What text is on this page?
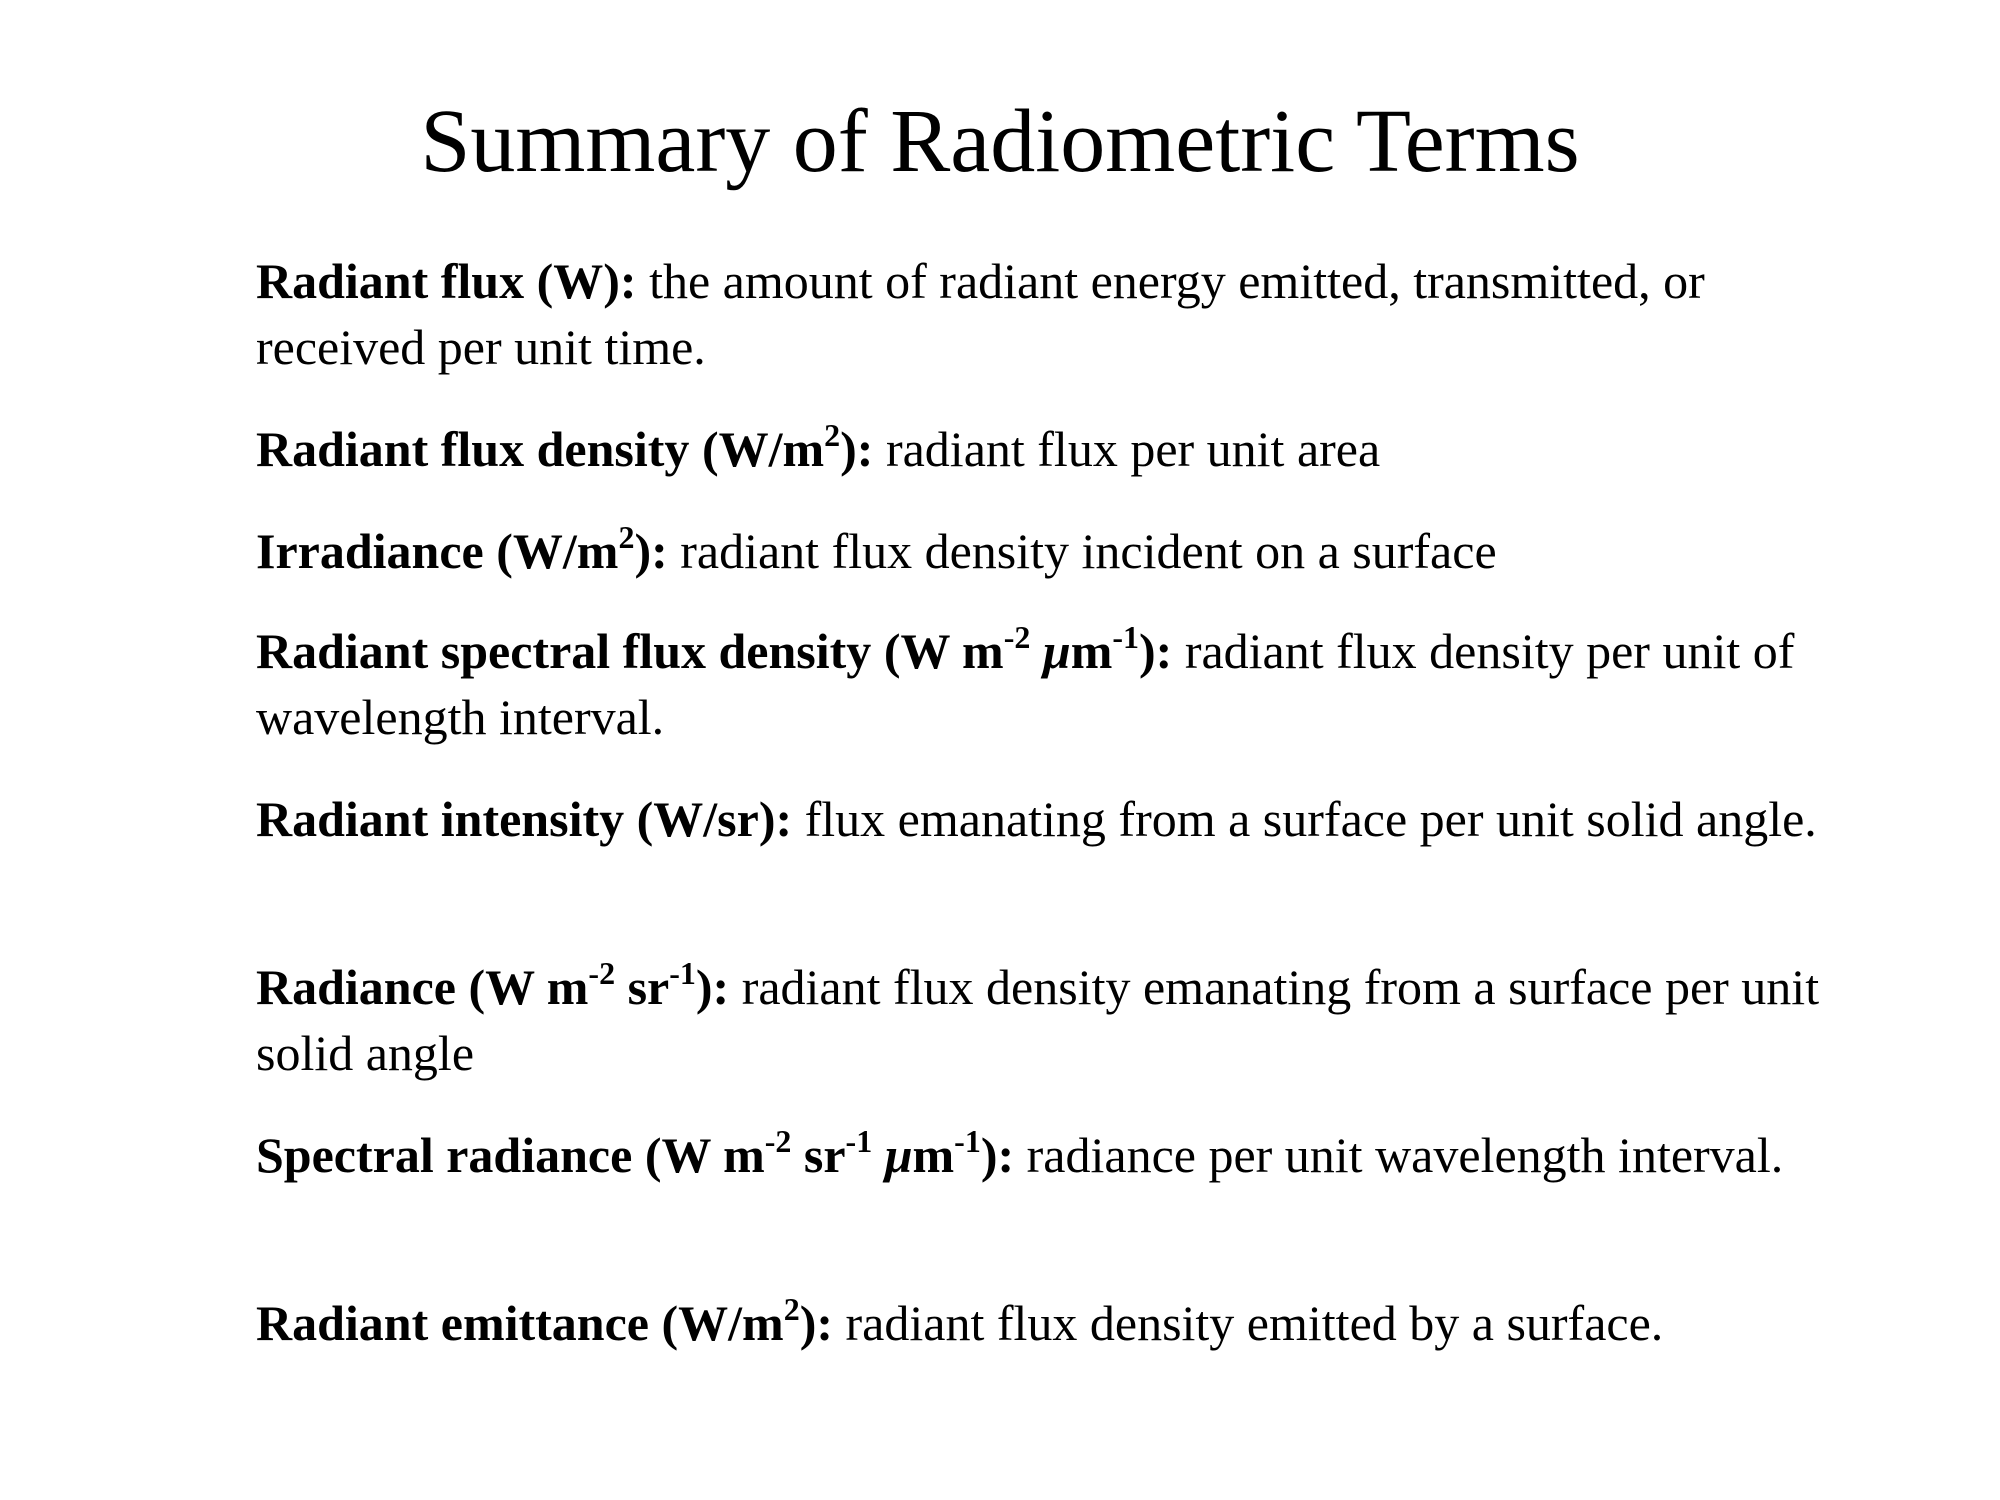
Summary of Radiometric Terms
Radiant flux (W): the amount of radiant energy emitted, transmitted, or received per unit time.
Radiant flux density $(W/m^2)$: radiant flux per unit area
Irradiance $(W/m^2)$: radiant flux density incident on a surface
Radiant spectral flux density (W $m^{-2}$ $\mu m^{-1}$): radiant flux density per unit of wavelength interval.
Radiant intensity (W/sr): flux emanating from a surface per unit solid angle.
Radiance (W $m^{-2}$ $sr^{-1}$): radiant flux density emanating from a surface per unit solid angle
Spectral radiance (W $m^{-2}$ $sr^{-1}$ $\mu m^{-1}$): radiance per unit wavelength interval.
Radiant emittance $(W/m^2)$: radiant flux density emitted by a surface.
